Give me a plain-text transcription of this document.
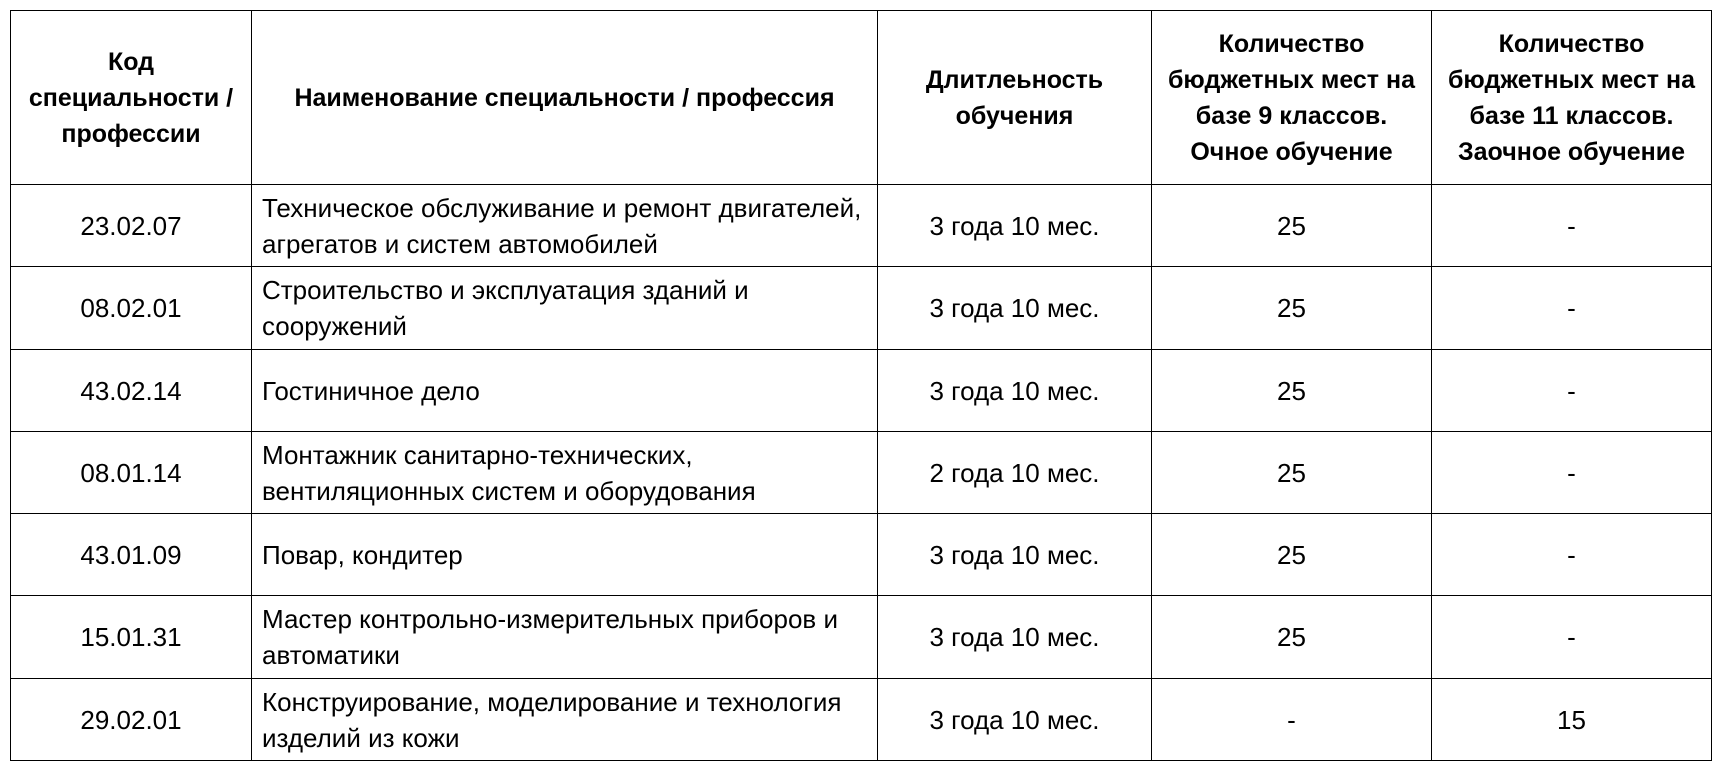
Код специальности / профессии	Наименование специальности / профессия	Длитлеьность обучения	Количество бюджетных мест на базе 9 классов. Очное обучение	Количество бюджетных мест на базе 11 классов. Заочное обучение
23.02.07	Техническое обслуживание и ремонт двигателей, агрегатов и систем автомобилей	3 года 10 мес.	25	-
08.02.01	Строительство и эксплуатация зданий и сооружений	3 года 10 мес.	25	-
43.02.14	Гостиничное дело	3 года 10 мес.	25	-
08.01.14	Монтажник санитарно-технических, вентиляционных систем и оборудования	2 года 10 мес.	25	-
43.01.09	Повар, кондитер	3 года 10 мес.	25	-
15.01.31	Мастер контрольно-измерительных приборов и автоматики	3 года 10 мес.	25	-
29.02.01	Конструирование, моделирование и технология изделий из кожи	3 года 10 мес.	-	15
